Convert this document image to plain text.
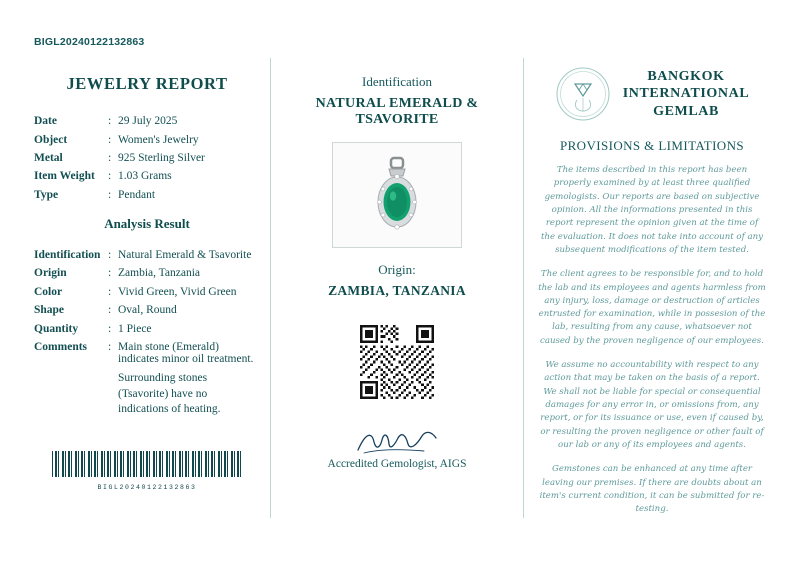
BIGL20240122132863
JEWELRY REPORT
Date	:	29 July 2025
Object	:	Women's Jewelry
Metal	:	925 Sterling Silver
Item Weight	:	1.03 Grams
Type	:	Pendant
Analysis Result
Identification	:	Natural Emerald & Tsavorite
Origin	:	Zambia, Tanzania
Color	:	Vivid Green, Vivid Green
Shape	:	Oval, Round
Quantity	:	1 Piece
Comments	:	Main stone (Emerald) indicates minor oil treatment.
		Surrounding stones (Tsavorite) have no indications of heating.
BIGL20240122132863
Identification
NATURAL EMERALD & TSAVORITE
Origin:
ZAMBIA, TANZANIA
Accredited Gemologist, AIGS
BANGKOK
INTERNATIONAL
GEMLAB
PROVISIONS & LIMITATIONS

The items described in this report has been properly examined by at least three qualified gemologists. Our reports are based on subjective opinion. All the informations presented in this report represent the opinion given at the time of the evaluation. It does not take into account of any subsequent modifications of the item tested.

The client agrees to be responsible for, and to hold the lab and its employees and agents harmless from any injury, loss, damage or destruction of articles entrusted for examination, while in possesion of the lab, resulting from any cause, whatsoever not caused by the proven negligence of our employees.

We assume no accountability with respect to any action that may be taken on the basis of a report. We shall not be liable for special or consequential damages for any error in, or omissions from, any report, or for its issuance or use, even if caused by, or resulting the proven negligence or other fault of our lab or any of its employees and agents.

Gemstones can be enhanced at any time after leaving our premises. If there are doubts about an item's current condition, it can be submitted for re-testing.
